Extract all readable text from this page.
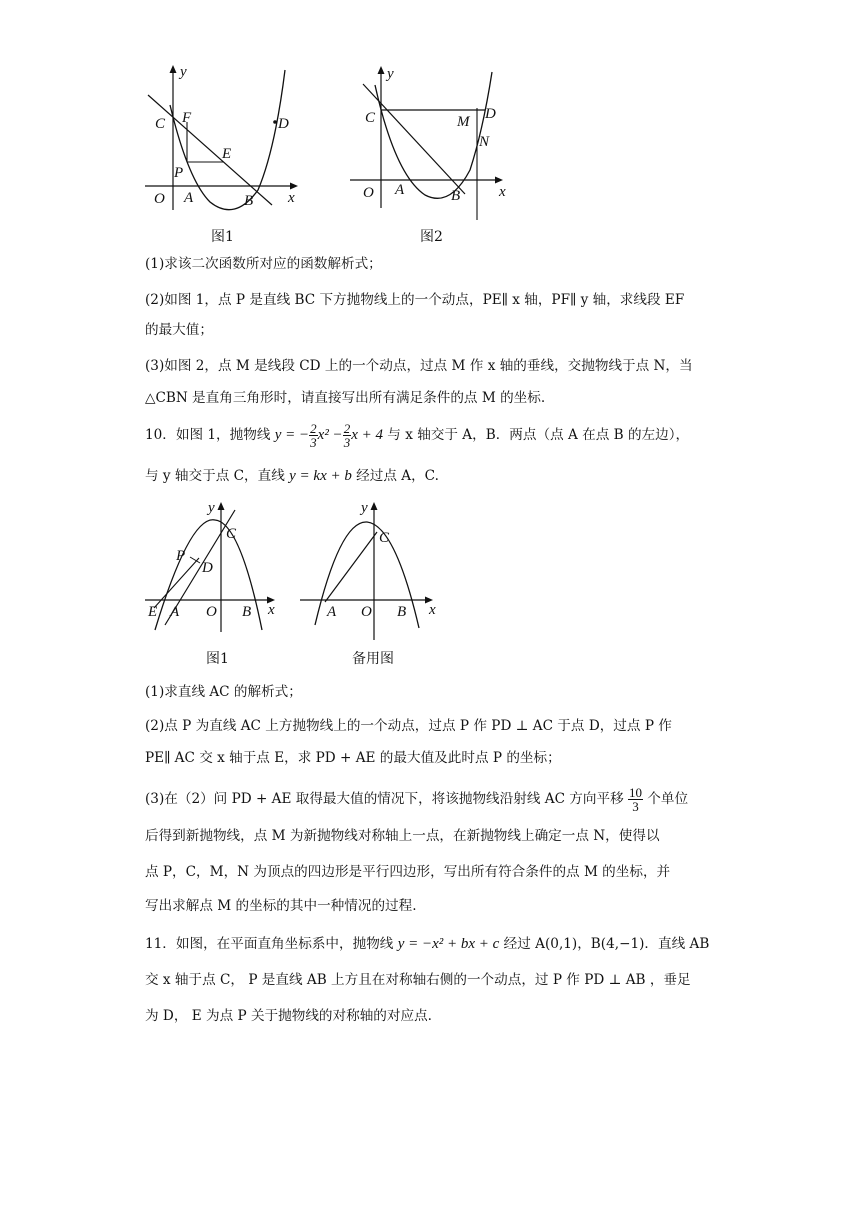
y
C F
E
D
P
O A	B x
图1
y
C	M D
N
O A	B	x
图2
(1)求该二次函数所对应的函数解析式；
(2)如图 1，点 P 是直线 BC 下方抛物线上的一个动点，PE∥ x 轴，PF∥ y 轴，求线段 EF
的最大值；
(3)如图 2，点 M 是线段 CD 上的一个动点，过点 M 作 x 轴的垂线，交抛物线于点 N，当
△CBN 是直角三角形时，请直接写出所有满足条件的点 M 的坐标.
10．如图 1，抛物线 y = − $\frac{2}{3} x^2 - \frac{2}{3}$ x + 4 与 x 轴交于 A，B．两点（点 A 在点 B 的左边），
与 y 轴交于点 C，直线 y = kx + b 经过点 A，C.
y
C
P
D
E A O B x
图1
y
C
A O B x
备用图
(1)求直线 AC 的解析式；
(2)点 P 为直线 AC 上方抛物线上的一个动点，过点 P 作 PD ⊥ AC 于点 D，过点 P 作
PE∥ AC 交 x 轴于点 E，求 PD + AE 的最大值及此时点 P 的坐标；
(3)在（2）问 PD + AE 取得最大值的情况下，将该抛物线沿射线 AC 方向平移 $\frac{10}{3}$ 个单位
后得到新抛物线，点 M 为新抛物线对称轴上一点，在新抛物线上确定一点 N，使得以
点 P，C，M，N 为顶点的四边形是平行四边形，写出所有符合条件的点 M 的坐标，并
写出求解点 M 的坐标的其中一种情况的过程.
11．如图，在平面直角坐标系中，抛物线 y = −x² + bx + c 经过 A(0,1)，B(4,−1)．直线 AB
交 x 轴于点 C， P 是直线 AB 上方且在对称轴右侧的一个动点，过 P 作 PD ⊥ AB ，垂足
为 D， E 为点 P 关于抛物线的对称轴的对应点.
